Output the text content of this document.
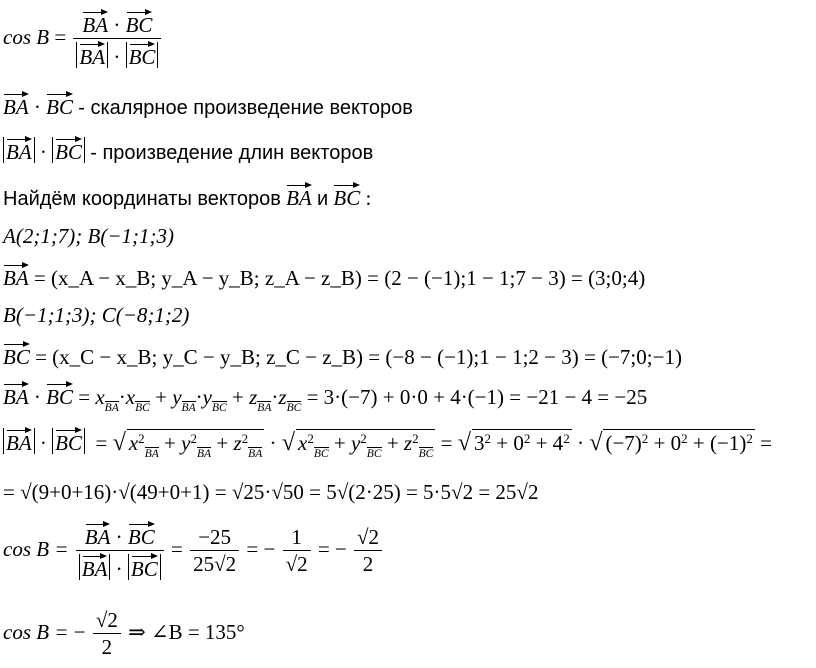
$\cos B = \frac{BA \cdot BC}{BA \cdot BC}$
BA · BC - скалярное произведение векторов
BA · BC - произведение длин векторов
Найдём координаты векторов BA и BC :
A(2;1;7); B(−1;1;3)
BA = (x_A − x_B; y_A − y_B; z_A − z_B) = (2 − (−1);1 − 1;7 − 3) = (3;0;4)
B(−1;1;3); C(−8;1;2)
BC = (x_C − x_B; y_C − y_B; z_C − z_B) = (−8 − (−1);1 − 1;2 − 3) = (−7;0;−1)
BA · BC = xBA·xBC + yBA·yBC + zBA·zBC = 3·(−7) + 0·0 + 4·(−1) = −21 − 4 = −25
BA · BC  = √ $x^2BA + y^2BA + z^2BA$ · √ $x^2BC + y^2BC + z^2BC$ = √ $3^2 + 0^2 + 4^2$ · √ $(-7)^2 + 0^2 + (-1)^2$ =
= √(9+0+16)·√(49+0+1) = √25·√50 = 5√(2·25) = 5·5√2 = 25√2
$\cos B = \frac{BA \cdot BC}{BA \cdot BC} = \frac{-25}{25√2}$ = − $\frac{1}{√2}$ = − $\frac{√2}{2}$
cos B = − $\frac{√2}{2}$ ⇒ ∠B = 135°
